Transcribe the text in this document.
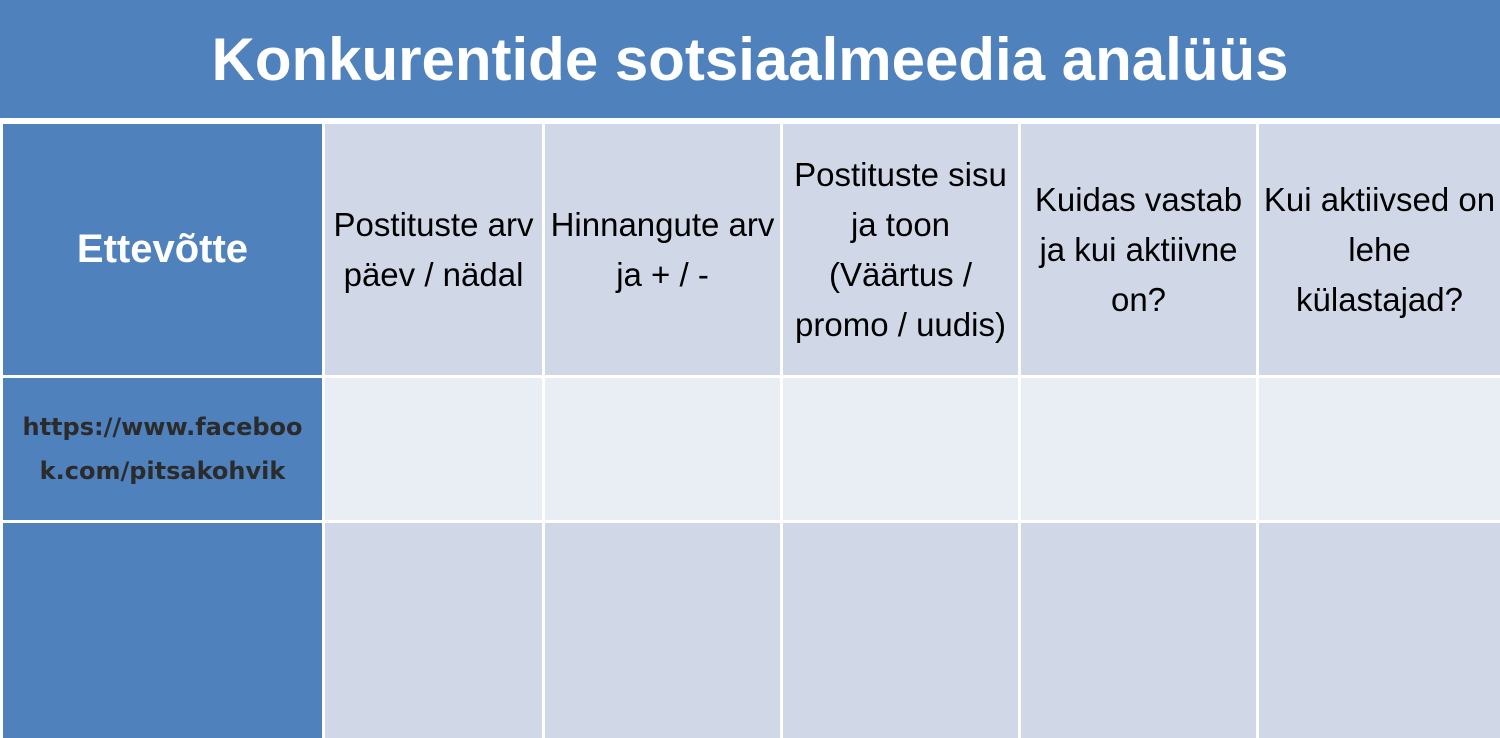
Konkurentide sotsiaalmeedia analüüs
Ettevõtte	Postituste arv päev / nädal	Hinnangute arv ja + / -	Postituste sisu ja toon (Väärtus / promo / uudis)	Kuidas vastab ja kui aktiivne on?	Kui aktiivsed on lehe külastajad?
https://www.facebook.com/pitsakohvik					
